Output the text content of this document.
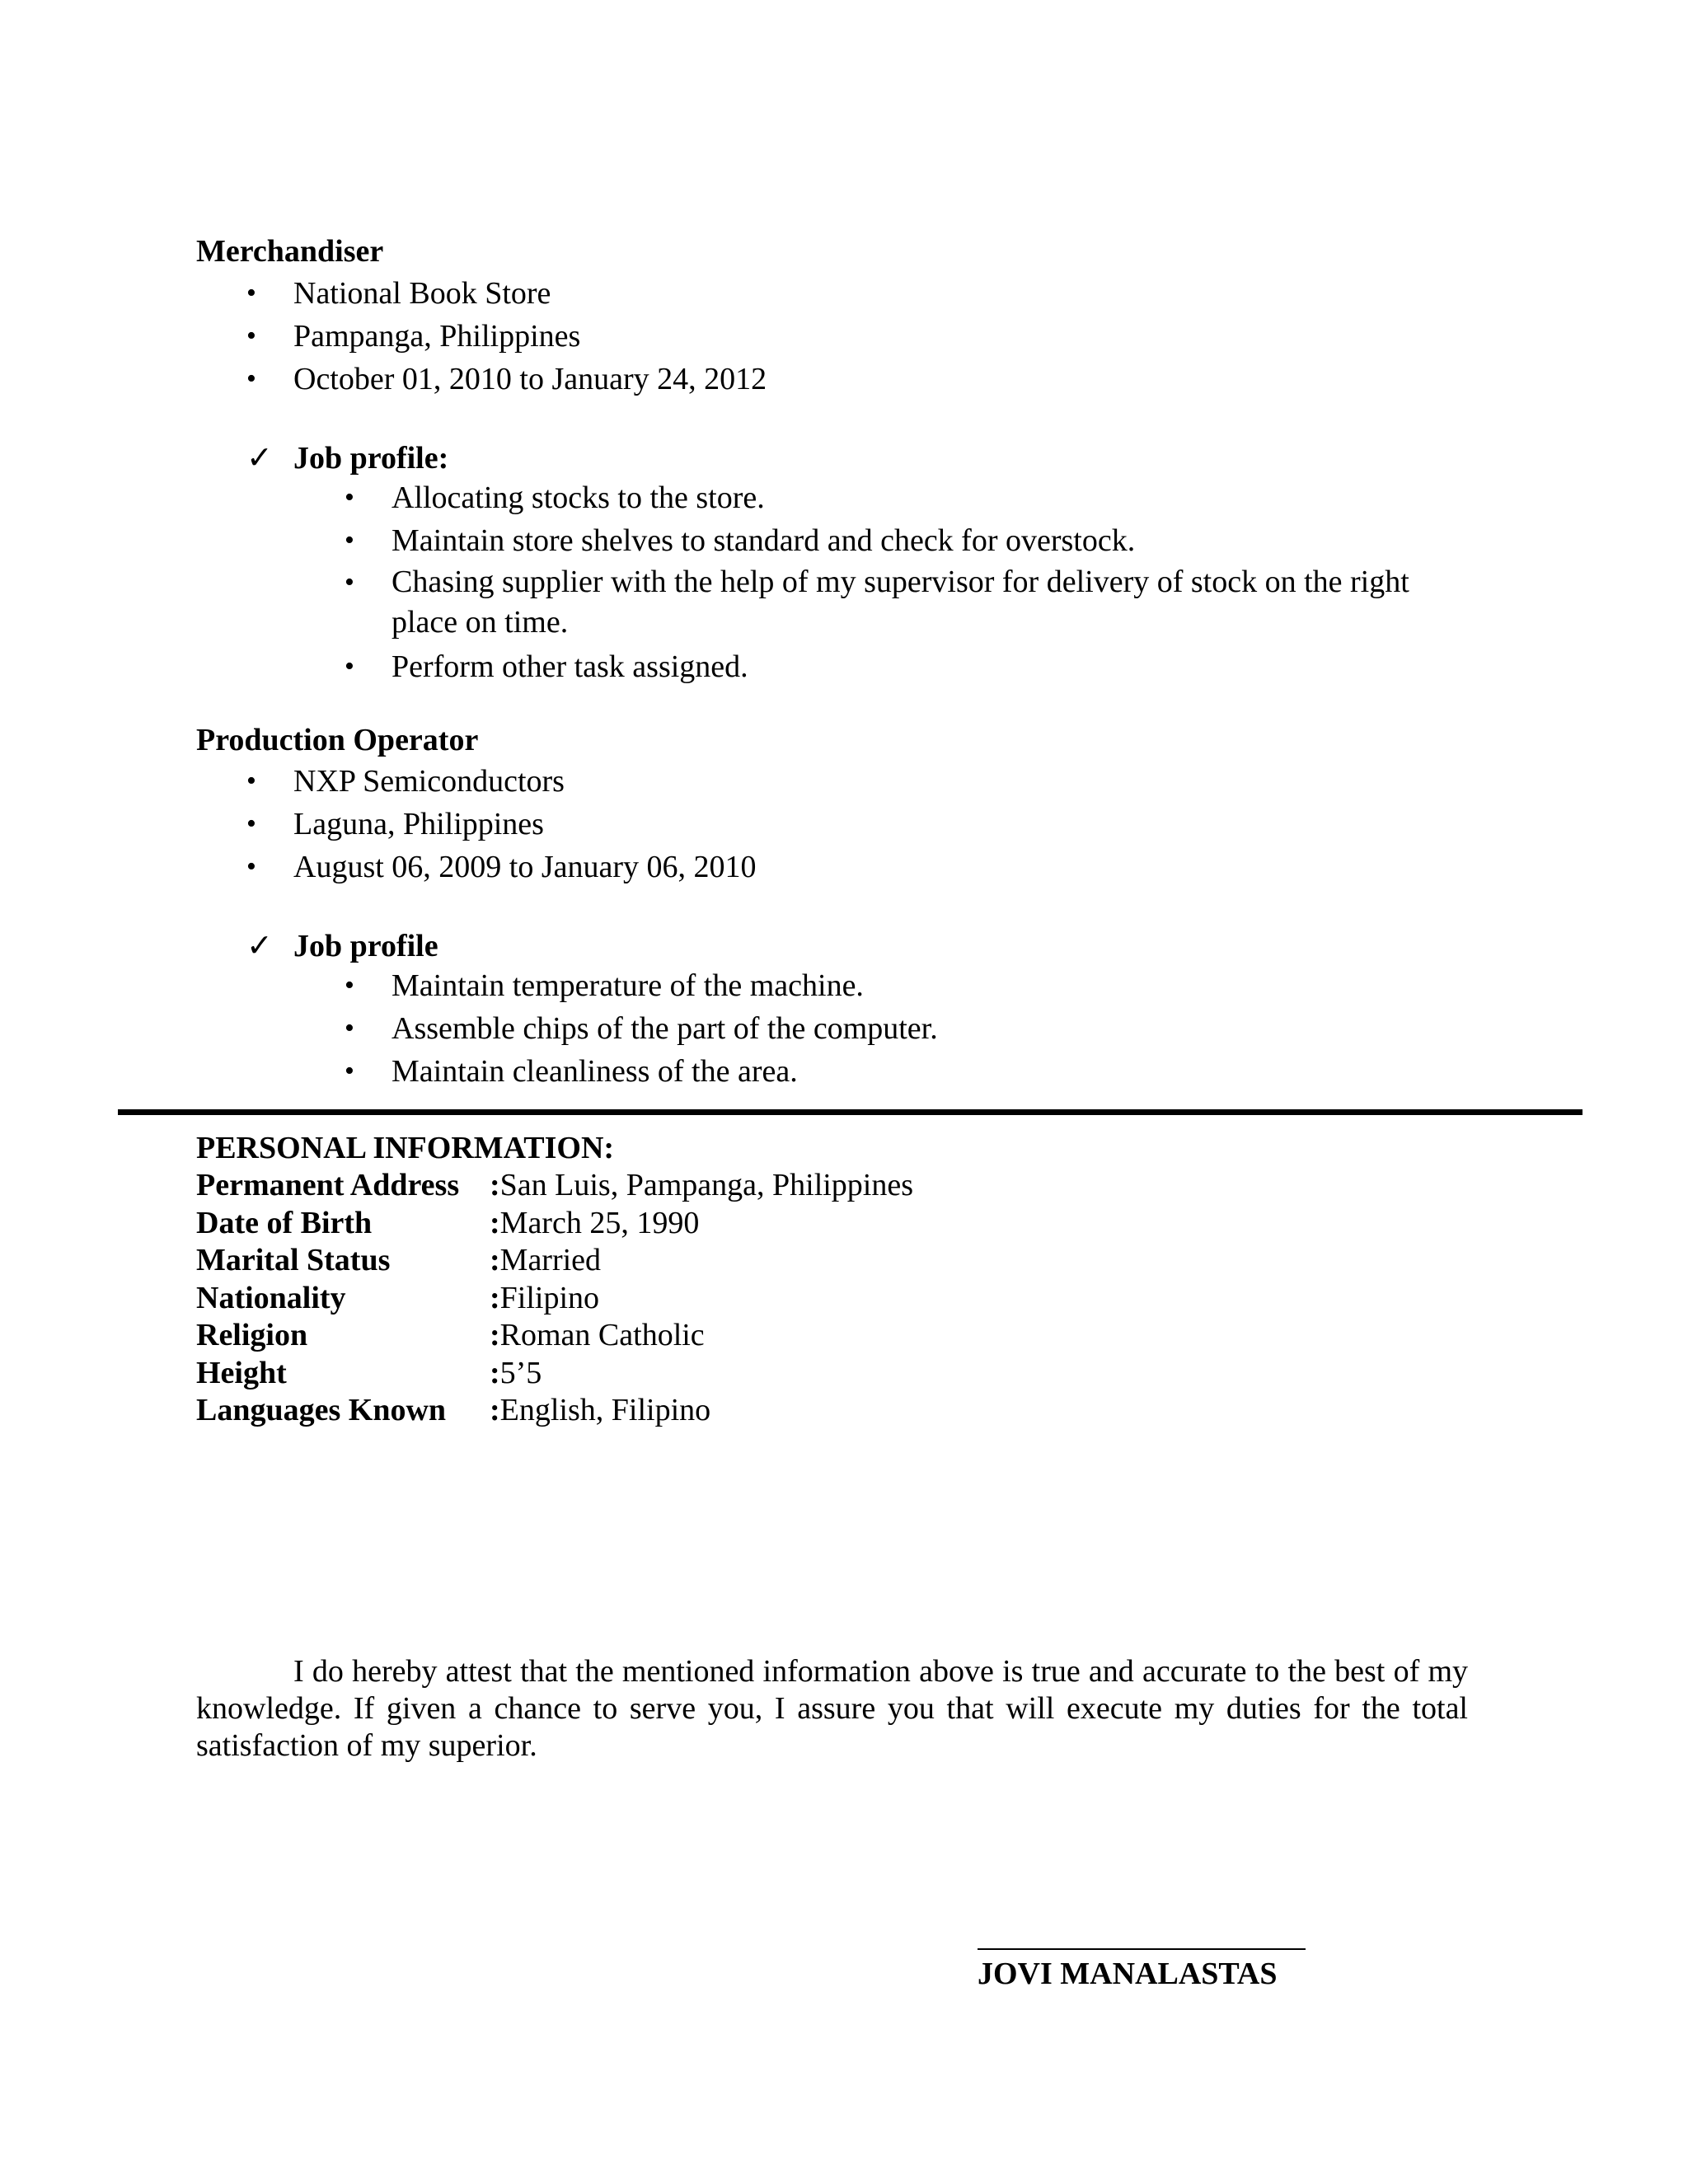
Merchandiser
• National Book Store
• Pampanga, Philippines
• October 01, 2010 to January 24, 2012
✓ Job profile:
• Allocating stocks to the store.
• Maintain store shelves to standard and check for overstock.
• Chasing supplier with the help of my supervisor for delivery of stock on the right place on time.
• Perform other task assigned.
Production Operator
• NXP Semiconductors
• Laguna, Philippines
• August 06, 2009 to January 06, 2010
✓ Job profile
• Maintain temperature of the machine.
• Assemble chips of the part of the computer.
• Maintain cleanliness of the area.
PERSONAL INFORMATION:
Permanent Address	:	San Luis, Pampanga, Philippines
Date of Birth	:	March 25, 1990
Marital Status	:	Married
Nationality	:	Filipino
Religion	:	Roman Catholic
Height	:	5’5
Languages Known	:	English, Filipino

I do hereby attest that the mentioned information above is true and accurate to the best of my knowledge. If given a chance to serve you, I assure you that will execute my duties for the total satisfaction of my superior.

JOVI MANALASTAS
